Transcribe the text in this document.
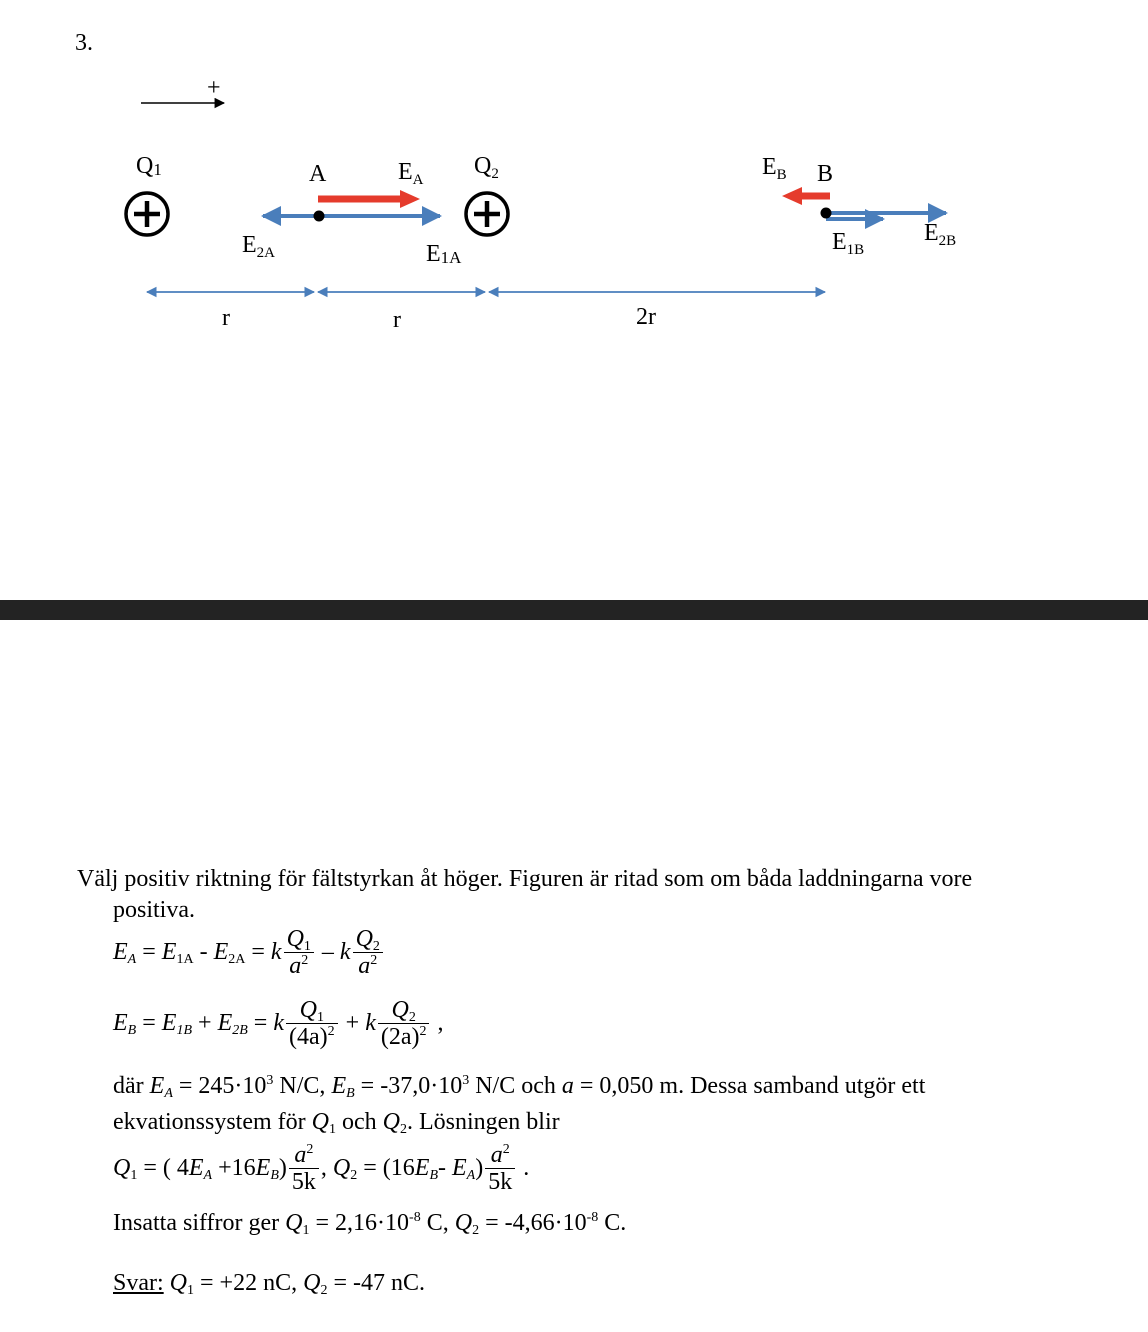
3.
+
$Q_1$	$Q_2$
A	B
$E_A$	$E_B$
$E_{2A}$	$E_{1A}$
$E_{1B}$
$E_{2B}$
r	r	2r
Välj positiv riktning för fältstyrkan åt höger. Figuren är ritad som om båda laddningarna vore
positiva.
$E_A = E_{1A} - E_{2A} = k \frac{Q_1}{a^2} - k \frac{Q_2}{a^2}$
$E_B = E_{1B} + E_{2B} = k \frac{Q_1}{(4a)^2} + k \frac{Q_2}{(2a)^2}$ ,
där $E_A = 245\cdot 10^3$ N/C, $E_B = -37,0\cdot 10^3$ N/C och a = 0,050 m. Dessa samband utgör ett
ekvationssystem för $Q_1$ och $Q_2$. Lösningen blir
$Q_1$ = ( $4E_A +16E_B) \frac{a^2}{5k}$ , $Q_2 = (16E_B-$ $E_A) \frac{a^2}{5k}$ .
Insatta siffror ger $Q_1 = 2,16\cdot 10^{-8}$ C, $Q_2 = -4,66\cdot 10^{-8}$ C.
Svar: $Q_1 = +22$ nC, $Q_2 = -47$ nC.
